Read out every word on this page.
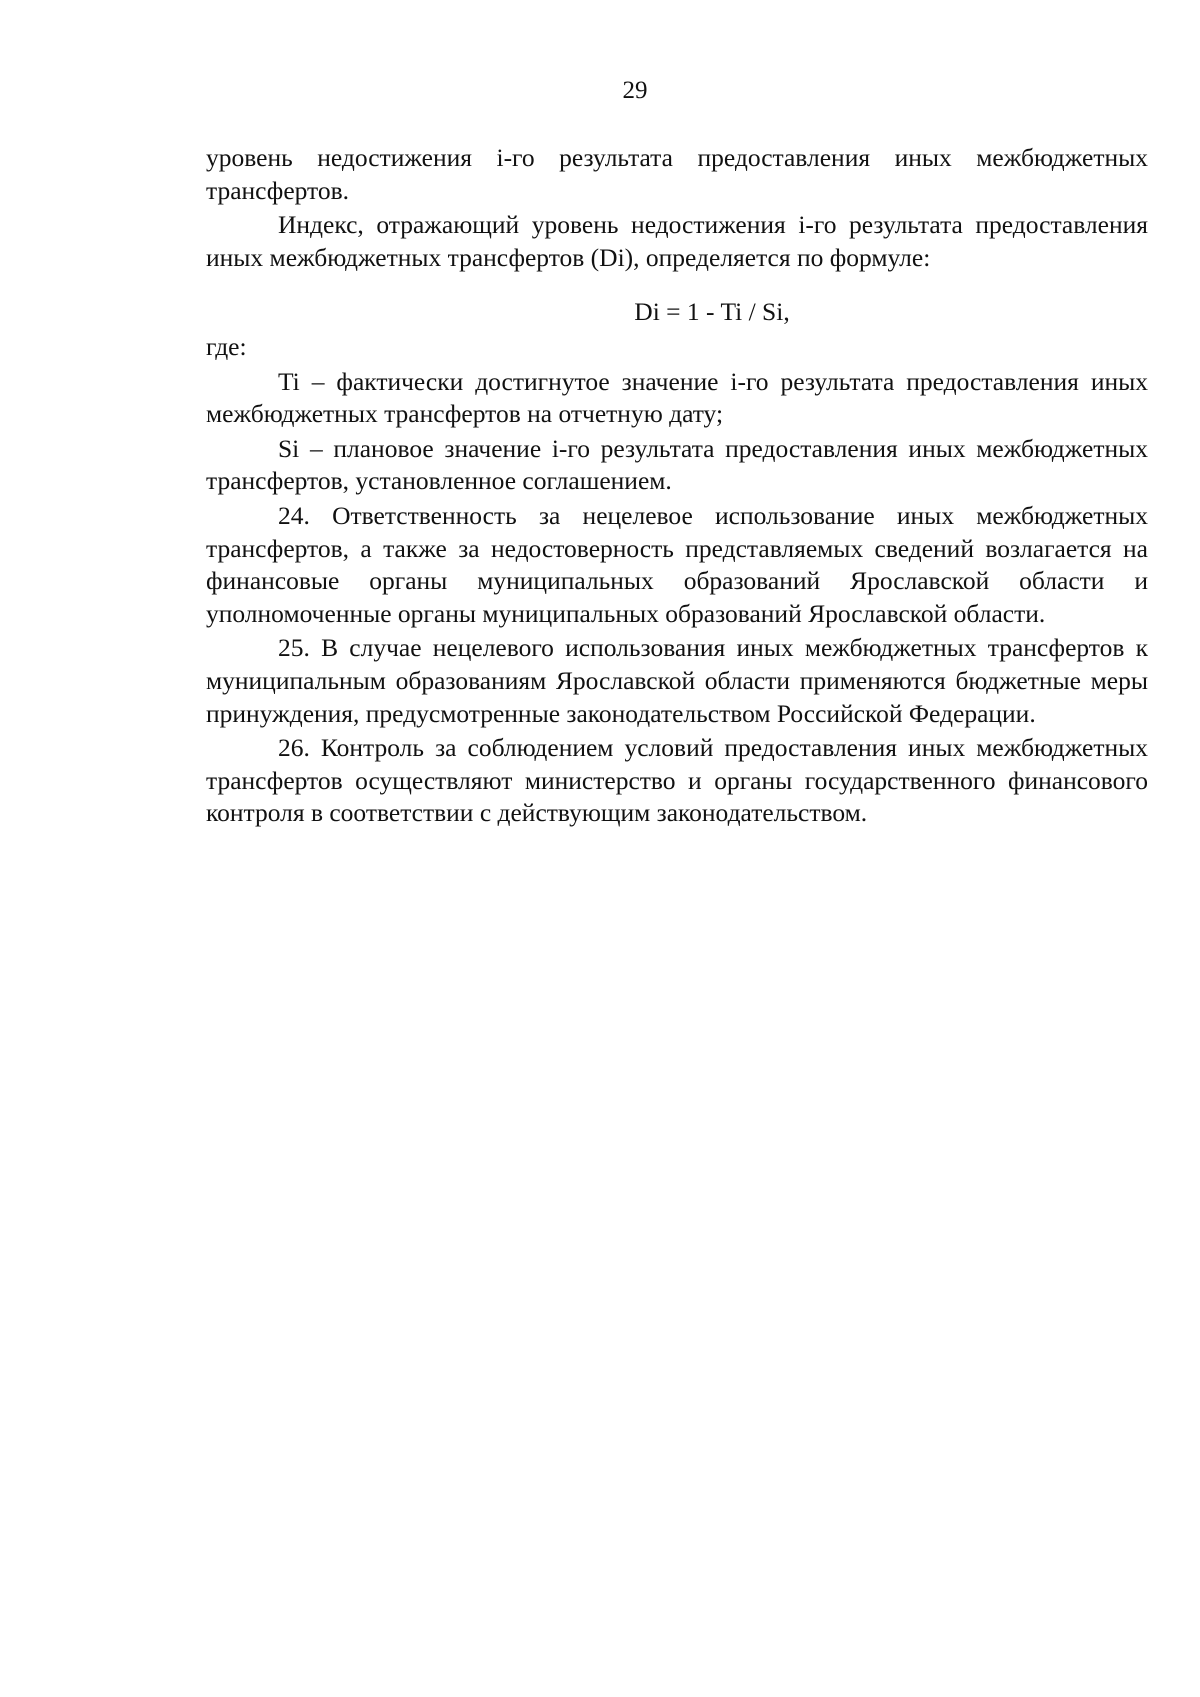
29

уровень недостижения i-го результата предоставления иных межбюджетных трансфертов.

Индекс, отражающий уровень недостижения i-го результата предоставления иных межбюджетных трансфертов (Di), определяется по формуле:

Di = 1 - Ti / Si,

где:

Ti – фактически достигнутое значение i-го результата предоставления иных межбюджетных трансфертов на отчетную дату;

Si – плановое значение i-го результата предоставления иных межбюджетных трансфертов, установленное соглашением.

24. Ответственность за нецелевое использование иных межбюджетных трансфертов, а также за недостоверность представляемых сведений возлагается на финансовые органы муниципальных образований Ярославской области и уполномоченные органы муниципальных образований Ярославской области.

25. В случае нецелевого использования иных межбюджетных трансфертов к муниципальным образованиям Ярославской области применяются бюджетные меры принуждения, предусмотренные законодательством Российской Федерации.

26. Контроль за соблюдением условий предоставления иных межбюджетных трансфертов осуществляют министерство и органы государственного финансового контроля в соответствии с действующим законодательством.
